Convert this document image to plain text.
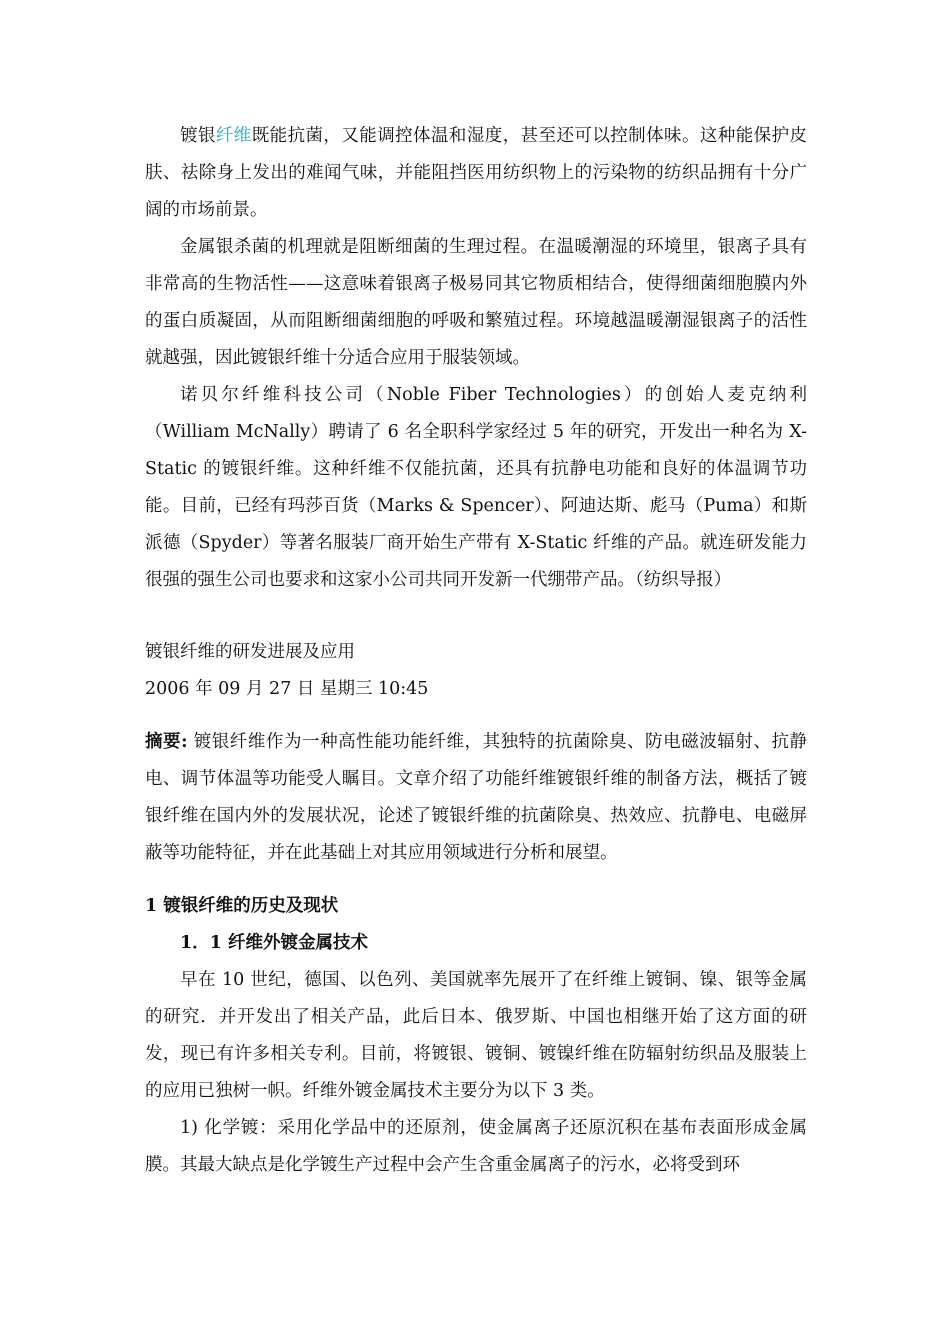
镀银纤维既能抗菌，又能调控体温和湿度，甚至还可以控制体味。这种能保护皮肤、祛除身上发出的难闻气味，并能阻挡医用纺织物上的污染物的纺织品拥有十分广阔的市场前景。

金属银杀菌的机理就是阻断细菌的生理过程。在温暖潮湿的环境里，银离子具有非常高的生物活性——这意味着银离子极易同其它物质相结合，使得细菌细胞膜内外的蛋白质凝固，从而阻断细菌细胞的呼吸和繁殖过程。环境越温暖潮湿银离子的活性就越强，因此镀银纤维十分适合应用于服装领域。

诺贝尔纤维科技公司（Noble Fiber Technologies）的创始人麦克纳利（William McNally）聘请了 6 名全职科学家经过 5 年的研究，开发出一种名为 X-Static 的镀银纤维。这种纤维不仅能抗菌，还具有抗静电功能和良好的体温调节功能。目前，已经有玛莎百货（Marks & Spencer）、阿迪达斯、彪马（Puma）和斯派德（Spyder）等著名服装厂商开始生产带有 X-Static 纤维的产品。就连研发能力很强的强生公司也要求和这家小公司共同开发新一代绷带产品。（纺织导报）

镀银纤维的研发进展及应用

2006 年 09 月 27 日 星期三 10:45

摘要: 镀银纤维作为一种高性能功能纤维，其独特的抗菌除臭、防电磁波辐射、抗静电、调节体温等功能受人瞩目。文章介绍了功能纤维镀银纤维的制备方法，概括了镀银纤维在国内外的发展状况，论述了镀银纤维的抗菌除臭、热效应、抗静电、电磁屏蔽等功能特征，并在此基础上对其应用领域进行分析和展望。

1 镀银纤维的历史及现状

1．1 纤维外镀金属技术

早在 10 世纪，德国、以色列、美国就率先展开了在纤维上镀铜、镍、银等金属的研究．并开发出了相关产品，此后日本、俄罗斯、中国也相继开始了这方面的研发，现已有许多相关专利。目前，将镀银、镀铜、镀镍纤维在防辐射纺织品及服装上的应用已独树一帜。纤维外镀金属技术主要分为以下 3 类。

1) 化学镀：采用化学品中的还原剂，使金属离子还原沉积在基布表面形成金属膜。其最大缺点是化学镀生产过程中会产生含重金属离子的污水，必将受到环
